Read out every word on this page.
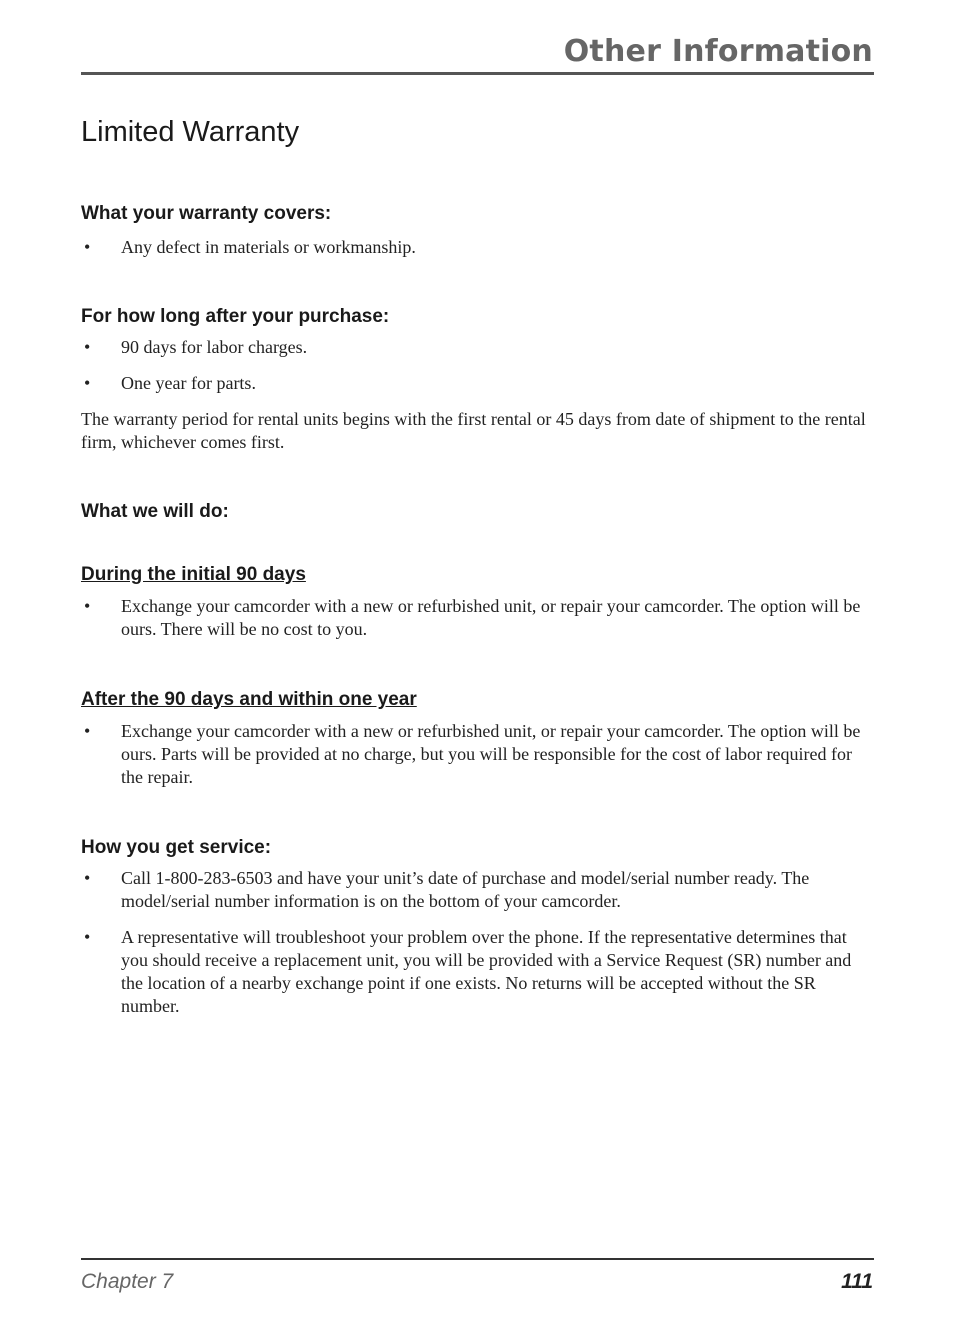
Other Information
Limited Warranty
What your warranty covers:
• Any defect in materials or workmanship.
For how long after your purchase:
• 90 days for labor charges.
• One year for parts.
The warranty period for rental units begins with the first rental or 45 days from date of shipment to the rental firm, whichever comes first.
What we will do:
During the initial 90 days
• Exchange your camcorder with a new or refurbished unit, or repair your camcorder. The option will be ours. There will be no cost to you.
After the 90 days and within one year
• Exchange your camcorder with a new or refurbished unit, or repair your camcorder. The option will be ours. Parts will be provided at no charge, but you will be responsible for the cost of labor required for the repair.
How you get service:
• Call 1-800-283-6503 and have your unit’s date of purchase and model/serial number ready. The model/serial number information is on the bottom of your camcorder.
• A representative will troubleshoot your problem over the phone. If the representative determines that you should receive a replacement unit, you will be provided with a Service Request (SR) number and the location of a nearby exchange point if one exists. No returns will be accepted without the SR number.
Chapter 7	111
